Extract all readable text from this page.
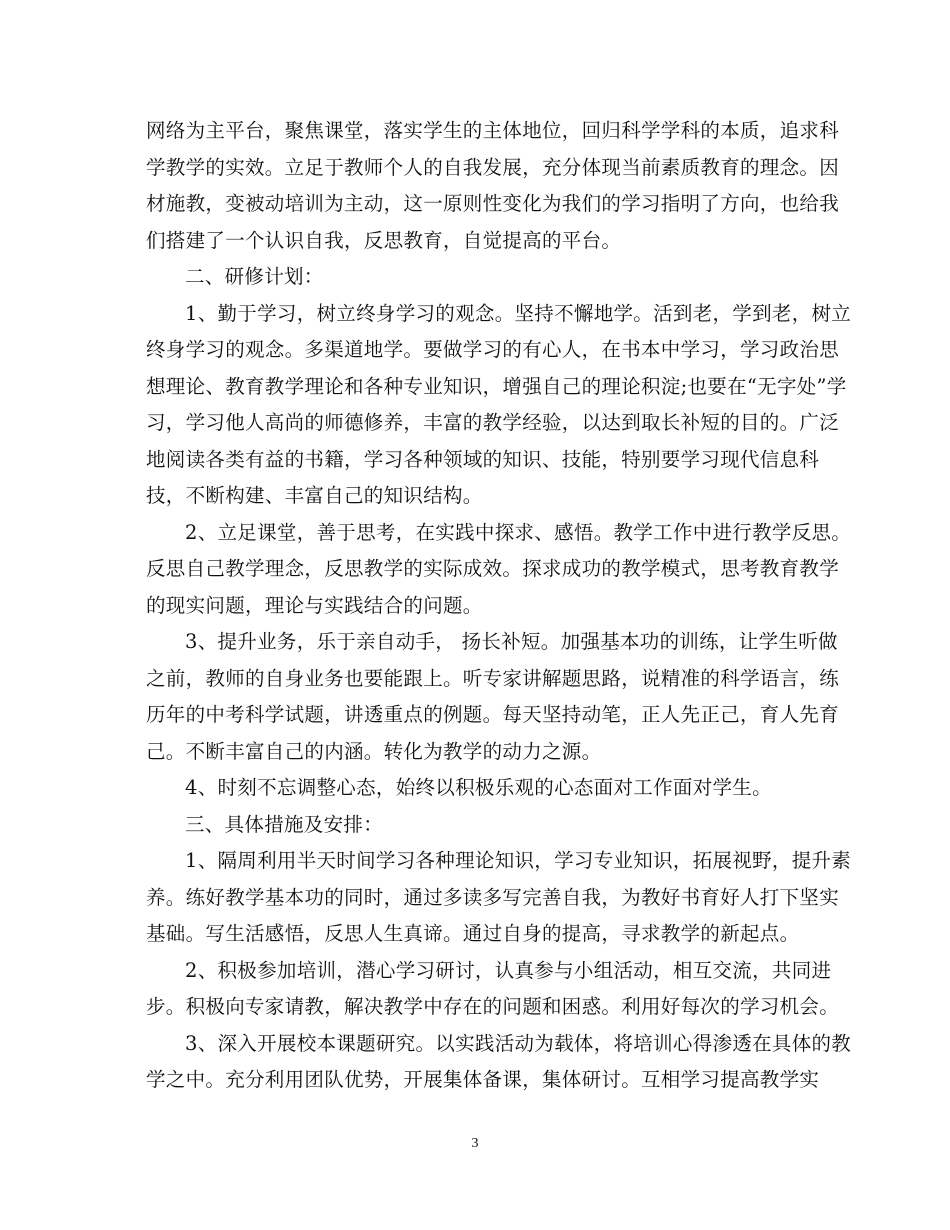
网络为主平台，聚焦课堂，落实学生的主体地位，回归科学学科的本质，追求科
学教学的实效。立足于教师个人的自我发展，充分体现当前素质教育的理念。因
材施教，变被动培训为主动，这一原则性变化为我们的学习指明了方向，也给我
们搭建了一个认识自我，反思教育，自觉提高的平台。

二、研修计划：

1、勤于学习，树立终身学习的观念。坚持不懈地学。活到老，学到老，树立
终身学习的观念。多渠道地学。要做学习的有心人，在书本中学习，学习政治思
想理论、教育教学理论和各种专业知识，增强自己的理论积淀;也要在“无字处”学
习，学习他人高尚的师德修养，丰富的教学经验，以达到取长补短的目的。广泛
地阅读各类有益的书籍，学习各种领域的知识、技能，特别要学习现代信息科
技，不断构建、丰富自己的知识结构。

2、立足课堂，善于思考，在实践中探求、感悟。教学工作中进行教学反思。
反思自己教学理念，反思教学的实际成效。探求成功的教学模式，思考教育教学
的现实问题，理论与实践结合的问题。

3、提升业务，乐于亲自动手， 扬长补短。加强基本功的训练，让学生听做
之前，教师的自身业务也要能跟上。听专家讲解题思路，说精准的科学语言，练
历年的中考科学试题，讲透重点的例题。每天坚持动笔，正人先正己，育人先育
己。不断丰富自己的内涵。转化为教学的动力之源。

4、时刻不忘调整心态，始终以积极乐观的心态面对工作面对学生。

三、具体措施及安排：

1、隔周利用半天时间学习各种理论知识，学习专业知识，拓展视野，提升素
养。练好教学基本功的同时，通过多读多写完善自我，为教好书育好人打下坚实
基础。写生活感悟，反思人生真谛。通过自身的提高，寻求教学的新起点。

2、积极参加培训，潜心学习研讨，认真参与小组活动，相互交流，共同进
步。积极向专家请教，解决教学中存在的问题和困惑。利用好每次的学习机会。

3、深入开展校本课题研究。以实践活动为载体，将培训心得渗透在具体的教
学之中。充分利用团队优势，开展集体备课，集体研讨。互相学习提高教学实

3
